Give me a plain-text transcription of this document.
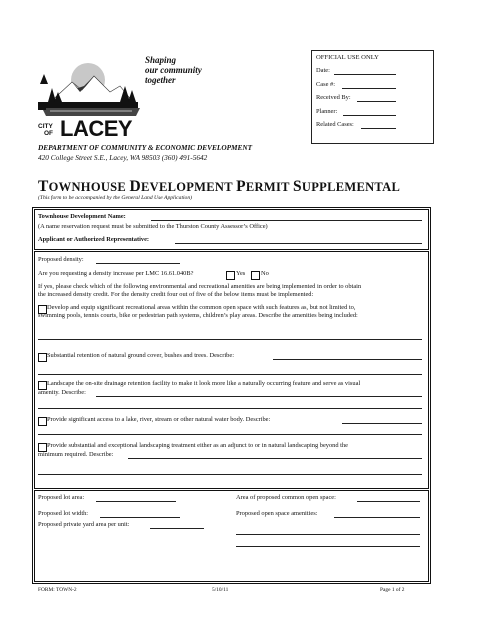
Shaping
our community
together
CITY
OF LACEY
DEPARTMENT OF COMMUNITY & ECONOMIC DEVELOPMENT
420 College Street S.E., Lacey, WA 98503 (360) 491-5642
OFFICIAL USE ONLY
Date:
Case #:
Received By:
Planner:
Related Cases:
TOWNHOUSE DEVELOPMENT PERMIT SUPPLEMENTAL
(This form to be accompanied by the General Land Use Application)
Townhouse Development Name:
(A name reservation request must be submitted to the Thurston County Assessor’s Office)
Applicant or Authorized Representative:
Proposed density:
Are you requesting a density increase per LMC 16.61.040B?	Yes No
If yes, please check which of the following environmental and recreational amenities are being implemented in order to obtain
the increased density credit. For the density credit four out of five of the below items must be implemented:
Develop and equip significant recreational areas within the common open space with such features as, but not limited to,
swimming pools, tennis courts, bike or pedestrian path systems, children’s play areas. Describe the amenities being included:
Substantial retention of natural ground cover, bushes and trees. Describe:
Landscape the on-site drainage retention facility to make it look more like a naturally occurring feature and serve as visual
amenity. Describe:
Provide significant access to a lake, river, stream or other natural water body. Describe:
Provide substantial and exceptional landscaping treatment either as an adjunct to or in natural landscaping beyond the
minimum required. Describe:
Proposed lot area:
Proposed lot width:
Proposed private yard area per unit:
Area of proposed common open space:
Proposed open space amenities:
FORM: TOWN-2	5/10/11	Page 1 of 2
